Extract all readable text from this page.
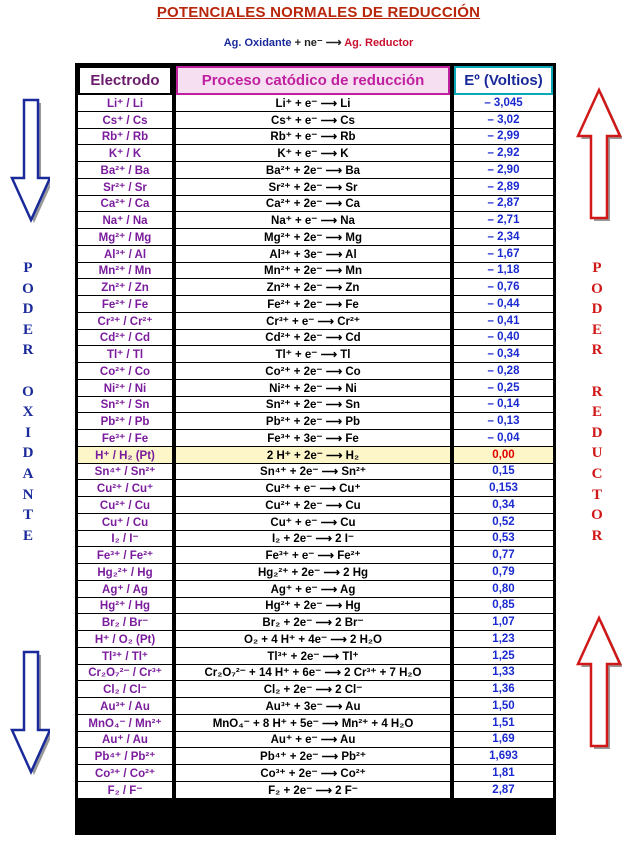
POTENCIALES NORMALES DE REDUCCIÓN
Ag. Oxidante + ne⁻ ⟶ Ag. Reductor
P
O
D
E
R

O
X
I
D
A
N
T
E
P
O
D
E
R

R
E
D
U
C
T
O
R
Electrodo	Proceso catódico de reducción	Eº (Voltios)
Li⁺ / Li	Li⁺ + e⁻ ⟶ Li	– 3,045
Cs⁺ / Cs	Cs⁺ + e⁻ ⟶ Cs	– 3,02
Rb⁺ / Rb	Rb⁺ + e⁻ ⟶ Rb	– 2,99
K⁺ / K	K⁺ + e⁻ ⟶ K	– 2,92
Ba²⁺ / Ba	Ba²⁺ + 2e⁻ ⟶ Ba	– 2,90
Sr²⁺ / Sr	Sr²⁺ + 2e⁻ ⟶ Sr	– 2,89
Ca²⁺ / Ca	Ca²⁺ + 2e⁻ ⟶ Ca	– 2,87
Na⁺ / Na	Na⁺ + e⁻ ⟶ Na	– 2,71
Mg²⁺ / Mg	Mg²⁺ + 2e⁻ ⟶ Mg	– 2,34
Al³⁺ / Al	Al³⁺ + 3e⁻ ⟶ Al	– 1,67
Mn²⁺ / Mn	Mn²⁺ + 2e⁻ ⟶ Mn	– 1,18
Zn²⁺ / Zn	Zn²⁺ + 2e⁻ ⟶ Zn	– 0,76
Fe²⁺ / Fe	Fe²⁺ + 2e⁻ ⟶ Fe	– 0,44
Cr³⁺ / Cr²⁺	Cr³⁺ + e⁻ ⟶ Cr²⁺	– 0,41
Cd²⁺ / Cd	Cd²⁺ + 2e⁻ ⟶ Cd	– 0,40
Tl⁺ / Tl	Tl⁺ + e⁻ ⟶ Tl	– 0,34
Co²⁺ / Co	Co²⁺ + 2e⁻ ⟶ Co	– 0,28
Ni²⁺ / Ni	Ni²⁺ + 2e⁻ ⟶ Ni	– 0,25
Sn²⁺ / Sn	Sn²⁺ + 2e⁻ ⟶ Sn	– 0,14
Pb²⁺ / Pb	Pb²⁺ + 2e⁻ ⟶ Pb	– 0,13
Fe³⁺ / Fe	Fe³⁺ + 3e⁻ ⟶ Fe	– 0,04
H⁺ / H₂ (Pt)	2 H⁺ + 2e⁻ ⟶ H₂	0,00
Sn⁴⁺ / Sn²⁺	Sn⁴⁺ + 2e⁻ ⟶ Sn²⁺	0,15
Cu²⁺ / Cu⁺	Cu²⁺ + e⁻ ⟶ Cu⁺	0,153
Cu²⁺ / Cu	Cu²⁺ + 2e⁻ ⟶ Cu	0,34
Cu⁺ / Cu	Cu⁺ + e⁻ ⟶ Cu	0,52
I₂ / I⁻	I₂ + 2e⁻ ⟶ 2 I⁻	0,53
Fe³⁺ / Fe²⁺	Fe³⁺ + e⁻ ⟶ Fe²⁺	0,77
Hg₂²⁺ / Hg	Hg₂²⁺ + 2e⁻ ⟶ 2 Hg	0,79
Ag⁺ / Ag	Ag⁺ + e⁻ ⟶ Ag	0,80
Hg²⁺ / Hg	Hg²⁺ + 2e⁻ ⟶ Hg	0,85
Br₂ / Br⁻	Br₂ + 2e⁻ ⟶ 2 Br⁻	1,07
H⁺ / O₂ (Pt)	O₂ + 4 H⁺ + 4e⁻ ⟶ 2 H₂O	1,23
Tl³⁺ / Tl⁺	Tl³⁺ + 2e⁻ ⟶ Tl⁺	1,25
Cr₂O₇²⁻ / Cr³⁺	Cr₂O₇²⁻ + 14 H⁺ + 6e⁻ ⟶ 2 Cr³⁺ + 7 H₂O	1,33
Cl₂ / Cl⁻	Cl₂ + 2e⁻ ⟶ 2 Cl⁻	1,36
Au³⁺ / Au	Au³⁺ + 3e⁻ ⟶ Au	1,50
MnO₄⁻ / Mn²⁺	MnO₄⁻ + 8 H⁺ + 5e⁻ ⟶ Mn²⁺ + 4 H₂O	1,51
Au⁺ / Au	Au⁺ + e⁻ ⟶ Au	1,69
Pb⁴⁺ / Pb²⁺	Pb⁴⁺ + 2e⁻ ⟶ Pb²⁺	1,693
Co³⁺ / Co²⁺	Co³⁺ + 2e⁻ ⟶ Co²⁺	1,81
F₂ / F⁻	F₂ + 2e⁻ ⟶ 2 F⁻	2,87
